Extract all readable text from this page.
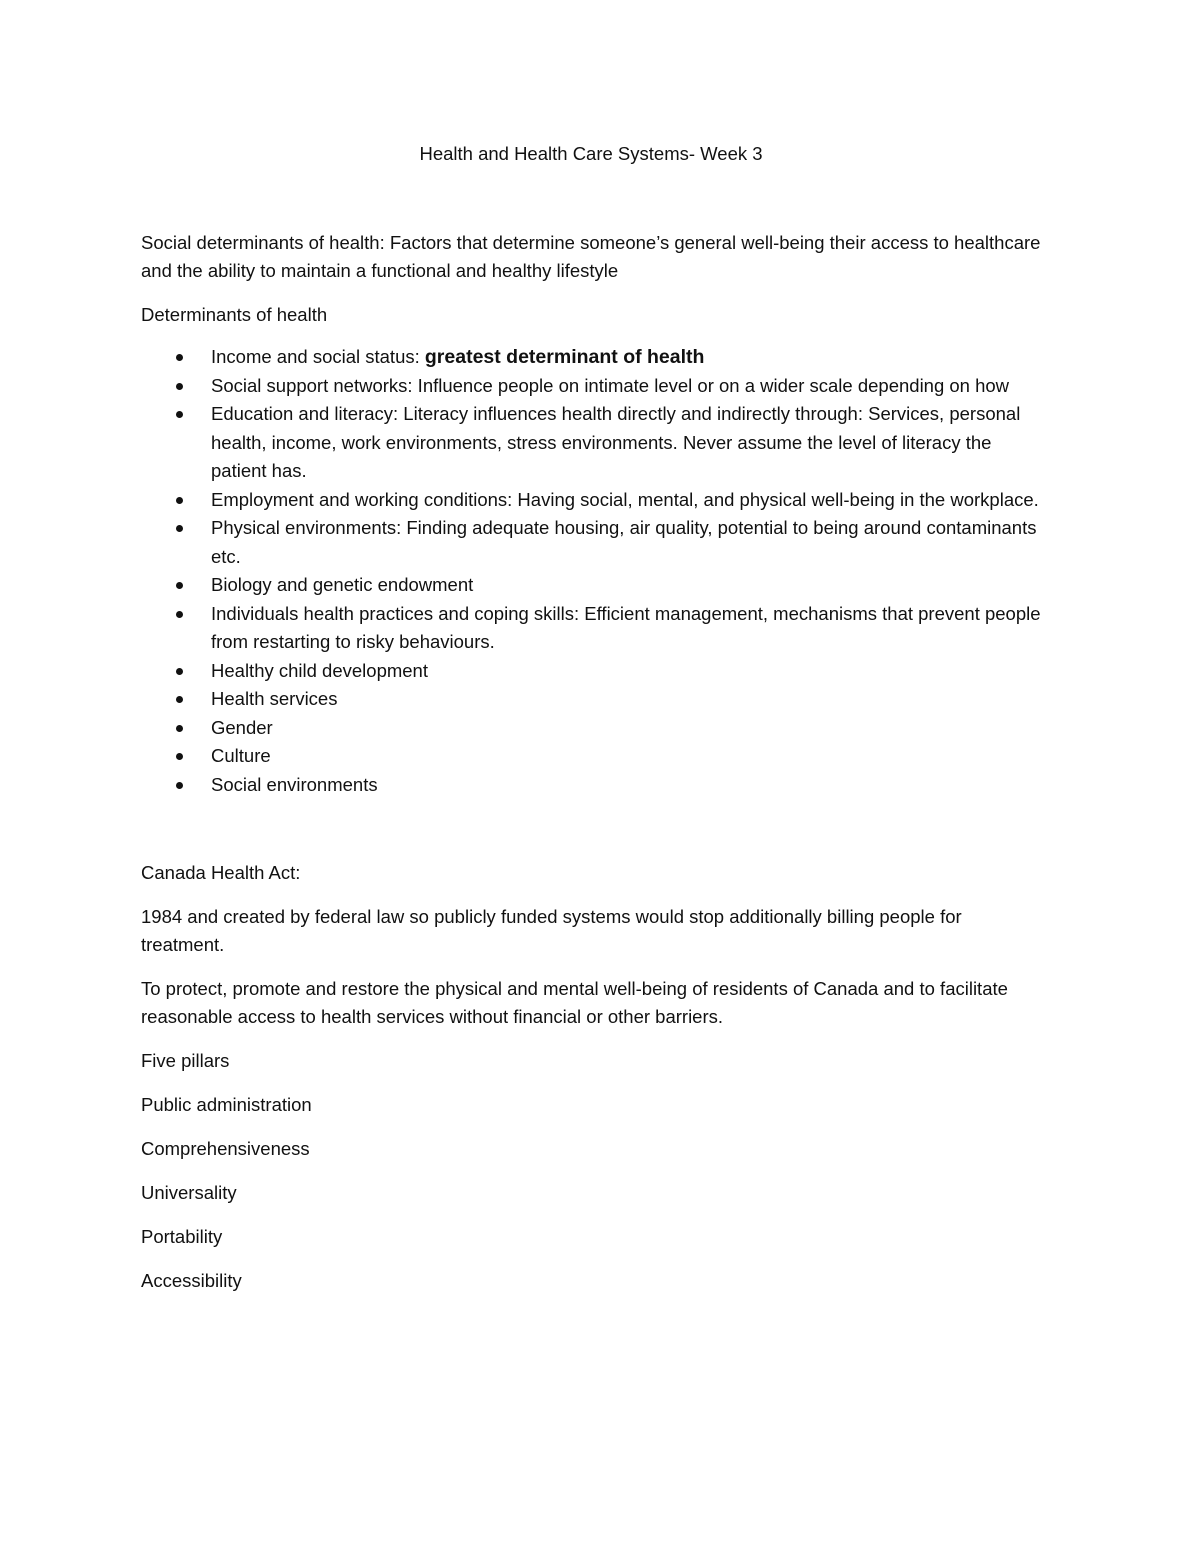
Health and Health Care Systems- Week 3

Social determinants of health: Factors that determine someone’s general well-being their access to healthcare and the ability to maintain a functional and healthy lifestyle

Determinants of health

Income and social status: greatest determinant of health
Social support networks: Influence people on intimate level or on a wider scale depending on how
Education and literacy: Literacy influences health directly and indirectly through: Services, personal health, income, work environments, stress environments. Never assume the level of literacy the patient has.
Employment and working conditions: Having social, mental, and physical well-being in the workplace.
Physical environments: Finding adequate housing, air quality, potential to being around contaminants etc.
Biology and genetic endowment
Individuals health practices and coping skills: Efficient management, mechanisms that prevent people from restarting to risky behaviours.
Healthy child development
Health services
Gender
Culture
Social environments

Canada Health Act:

1984 and created by federal law so publicly funded systems would stop additionally billing people for treatment.

To protect, promote and restore the physical and mental well-being of residents of Canada and to facilitate reasonable access to health services without financial or other barriers.

Five pillars

Public administration

Comprehensiveness

Universality

Portability

Accessibility
